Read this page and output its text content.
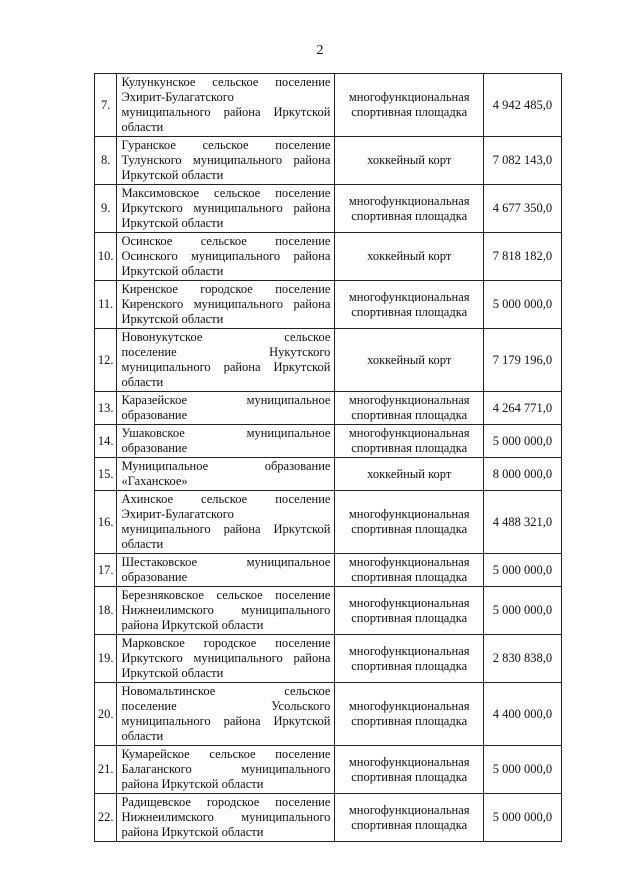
2
7.	Кулункунское сельское поселение
Эхирит-Булагатского
муниципального района Иркутской
области	многофункциональная
спортивная площадка	4 942 485,0
8.	Гуранское сельское поселение
Тулунского муниципального района
Иркутской области	хоккейный корт	7 082 143,0
9.	Максимовское сельское поселение
Иркутского муниципального района
Иркутской области	многофункциональная
спортивная площадка	4 677 350,0
10.	Осинское сельское поселение
Осинского муниципального района
Иркутской области	хоккейный корт	7 818 182,0
11.	Киренское городское поселение
Киренского муниципального района
Иркутской области	многофункциональная
спортивная площадка	5 000 000,0
12.	Новонукутское сельское
поселение Нукутского
муниципального района Иркутской
области	хоккейный корт	7 179 196,0
13.	Каразейское муниципальное
образование	многофункциональная
спортивная площадка	4 264 771,0
14.	Ушаковское муниципальное
образование	многофункциональная
спортивная площадка	5 000 000,0
15.	Муниципальное образование
«Гаханское»	хоккейный корт	8 000 000,0
16.	Ахинское сельское поселение
Эхирит-Булагатского
муниципального района Иркутской
области	многофункциональная
спортивная площадка	4 488 321,0
17.	Шестаковское муниципальное
образование	многофункциональная
спортивная площадка	5 000 000,0
18.	Березняковское сельское поселение
Нижнеилимского муниципального
района Иркутской области	многофункциональная
спортивная площадка	5 000 000,0
19.	Марковское городское поселение
Иркутского муниципального района
Иркутской области	многофункциональная
спортивная площадка	2 830 838,0
20.	Новомальтинское сельское
поселение Усольского
муниципального района Иркутской
области	многофункциональная
спортивная площадка	4 400 000,0
21.	Кумарейское сельское поселение
Балаганского муниципального
района Иркутской области	многофункциональная
спортивная площадка	5 000 000,0
22.	Радищевское городское поселение
Нижнеилимского муниципального
района Иркутской области	многофункциональная
спортивная площадка	5 000 000,0
